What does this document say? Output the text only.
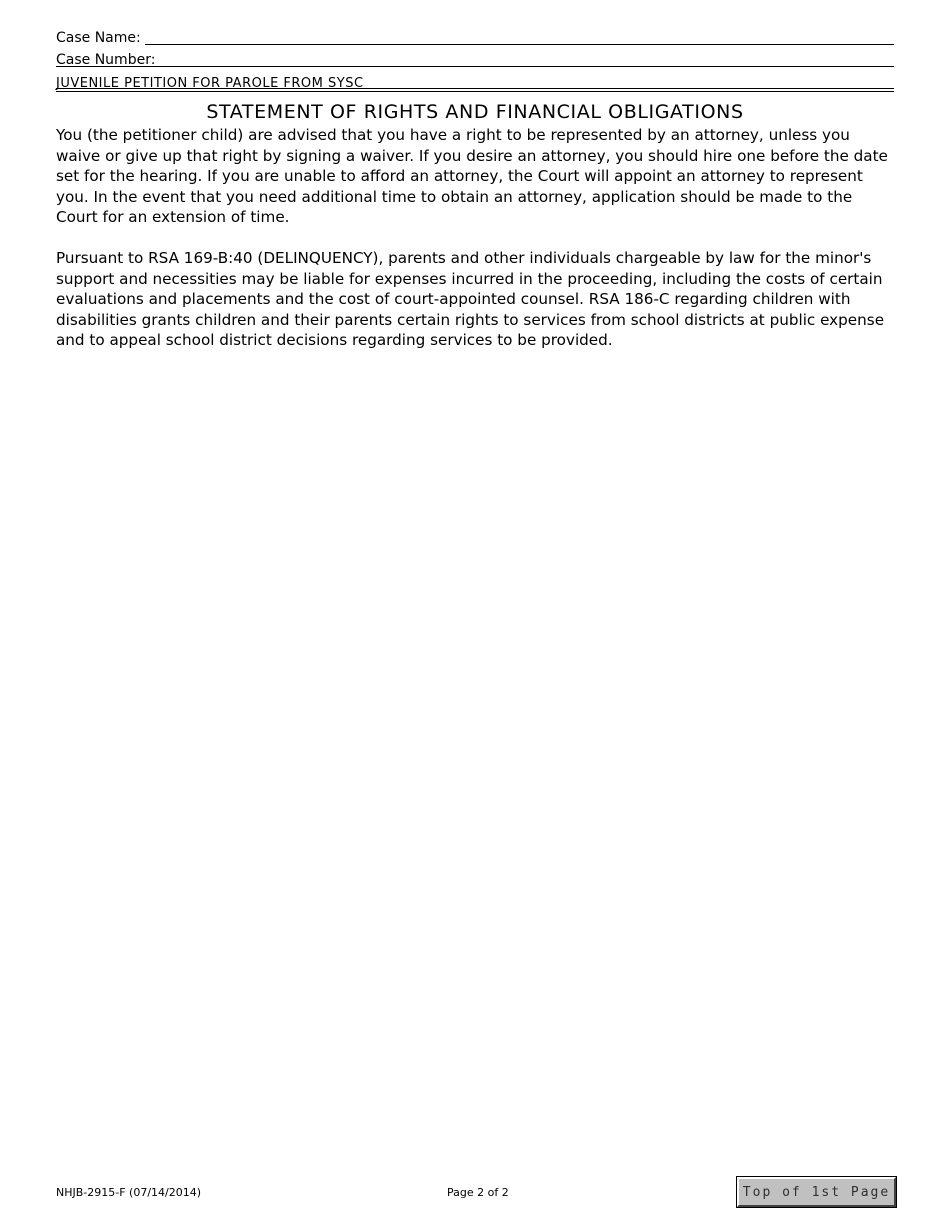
Case Name:
Case Number:
JUVENILE PETITION FOR PAROLE FROM SYSC
STATEMENT OF RIGHTS AND FINANCIAL OBLIGATIONS
You (the petitioner child) are advised that you have a right to be represented by an attorney, unless you waive or give up that right by signing a waiver. If you desire an attorney, you should hire one before the date set for the hearing. If you are unable to afford an attorney, the Court will appoint an attorney to represent you. In the event that you need additional time to obtain an attorney, application should be made to the Court for an extension of time.
Pursuant to RSA 169-B:40 (DELINQUENCY), parents and other individuals chargeable by law for the minor's support and necessities may be liable for expenses incurred in the proceeding, including the costs of certain evaluations and placements and the cost of court-appointed counsel. RSA 186-C regarding children with disabilities grants children and their parents certain rights to services from school districts at public expense and to appeal school district decisions regarding services to be provided.
NHJB-2915-F (07/14/2014)	Page 2 of 2	Top of 1st Page
